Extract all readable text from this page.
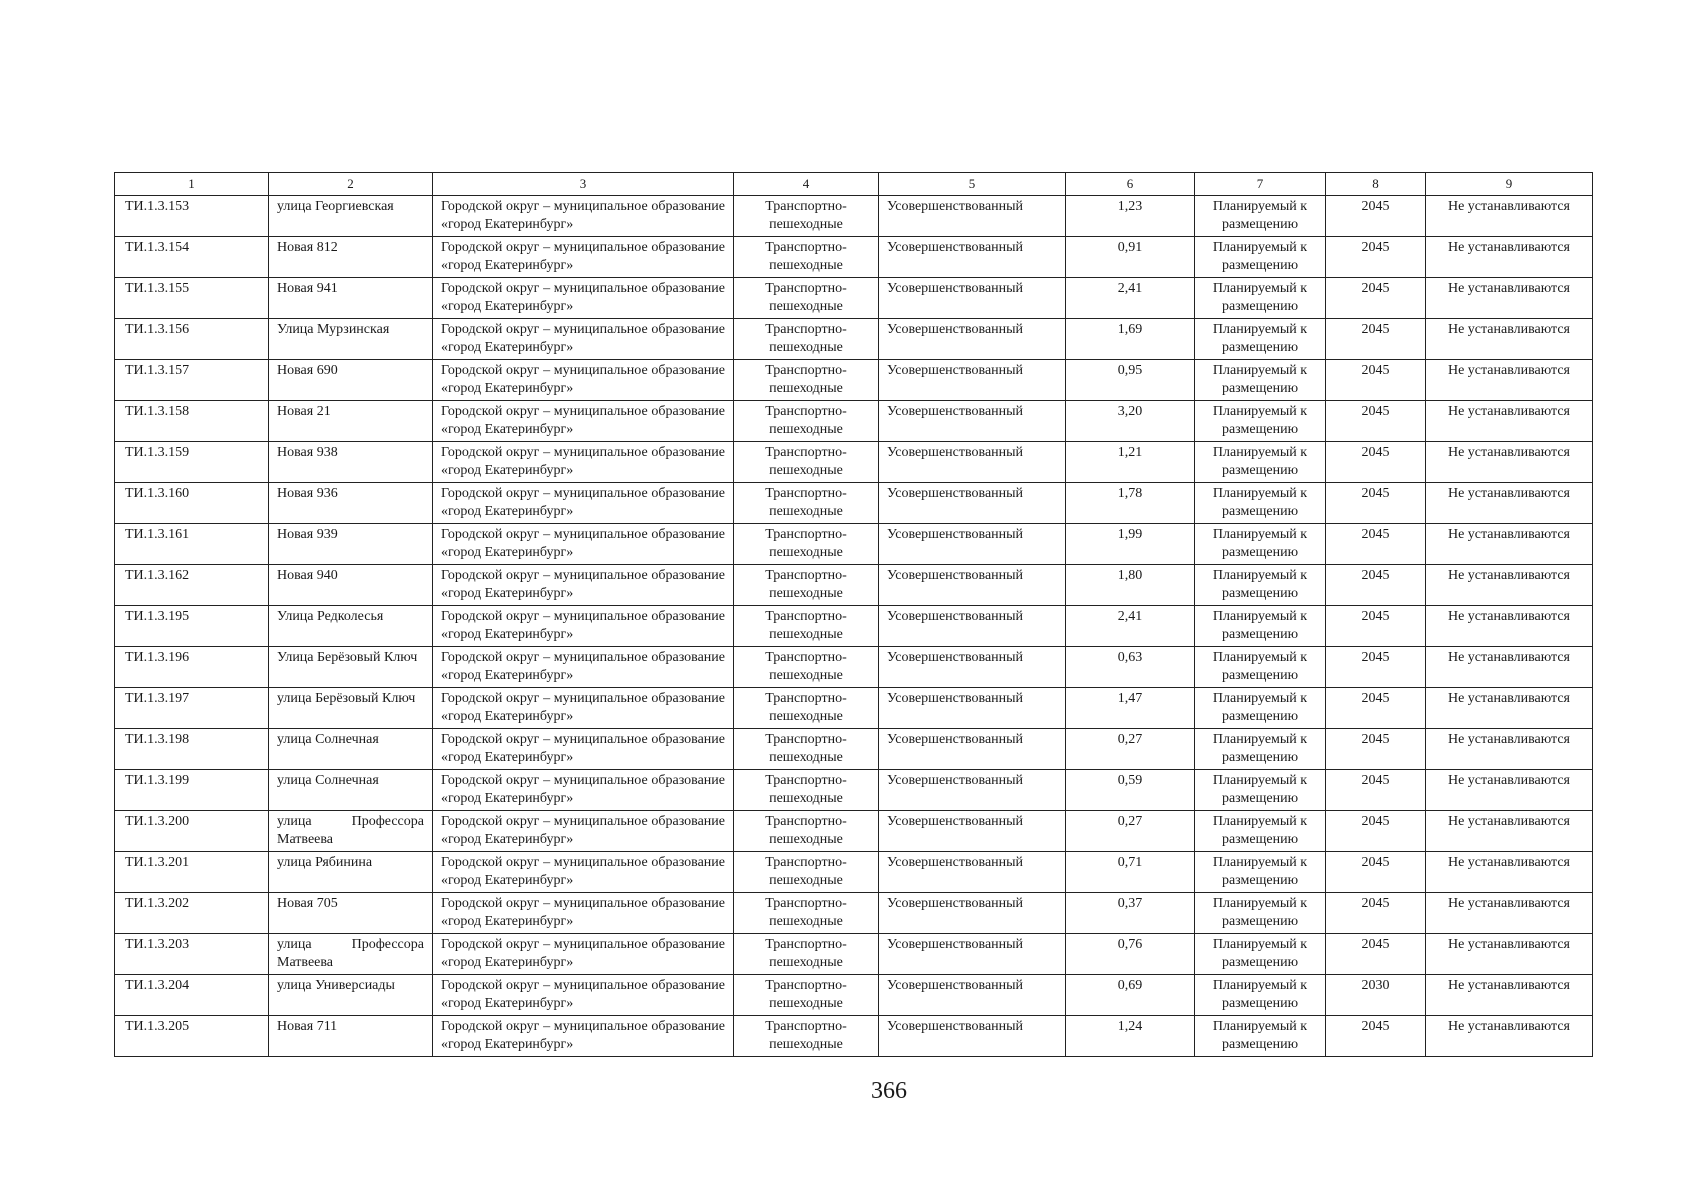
1	2	3	4	5	6	7	8	9
ТИ.1.3.153	улица Георгиевская	Городской округ – муниципальное образование «город Екатеринбург»	Транспортно-пешеходные	Усовершенствованный	1,23	Планируемый к размещению	2045	Не устанавливаются
ТИ.1.3.154	Новая 812	Городской округ – муниципальное образование «город Екатеринбург»	Транспортно-пешеходные	Усовершенствованный	0,91	Планируемый к размещению	2045	Не устанавливаются
ТИ.1.3.155	Новая 941	Городской округ – муниципальное образование «город Екатеринбург»	Транспортно-пешеходные	Усовершенствованный	2,41	Планируемый к размещению	2045	Не устанавливаются
ТИ.1.3.156	Улица Мурзинская	Городской округ – муниципальное образование «город Екатеринбург»	Транспортно-пешеходные	Усовершенствованный	1,69	Планируемый к размещению	2045	Не устанавливаются
ТИ.1.3.157	Новая 690	Городской округ – муниципальное образование «город Екатеринбург»	Транспортно-пешеходные	Усовершенствованный	0,95	Планируемый к размещению	2045	Не устанавливаются
ТИ.1.3.158	Новая 21	Городской округ – муниципальное образование «город Екатеринбург»	Транспортно-пешеходные	Усовершенствованный	3,20	Планируемый к размещению	2045	Не устанавливаются
ТИ.1.3.159	Новая 938	Городской округ – муниципальное образование «город Екатеринбург»	Транспортно-пешеходные	Усовершенствованный	1,21	Планируемый к размещению	2045	Не устанавливаются
ТИ.1.3.160	Новая 936	Городской округ – муниципальное образование «город Екатеринбург»	Транспортно-пешеходные	Усовершенствованный	1,78	Планируемый к размещению	2045	Не устанавливаются
ТИ.1.3.161	Новая 939	Городской округ – муниципальное образование «город Екатеринбург»	Транспортно-пешеходные	Усовершенствованный	1,99	Планируемый к размещению	2045	Не устанавливаются
ТИ.1.3.162	Новая 940	Городской округ – муниципальное образование «город Екатеринбург»	Транспортно-пешеходные	Усовершенствованный	1,80	Планируемый к размещению	2045	Не устанавливаются
ТИ.1.3.195	Улица Редколесья	Городской округ – муниципальное образование «город Екатеринбург»	Транспортно-пешеходные	Усовершенствованный	2,41	Планируемый к размещению	2045	Не устанавливаются
ТИ.1.3.196	Улица Берёзовый Ключ	Городской округ – муниципальное образование «город Екатеринбург»	Транспортно-пешеходные	Усовершенствованный	0,63	Планируемый к размещению	2045	Не устанавливаются
ТИ.1.3.197	улица Берёзовый Ключ	Городской округ – муниципальное образование «город Екатеринбург»	Транспортно-пешеходные	Усовершенствованный	1,47	Планируемый к размещению	2045	Не устанавливаются
ТИ.1.3.198	улица Солнечная	Городской округ – муниципальное образование «город Екатеринбург»	Транспортно-пешеходные	Усовершенствованный	0,27	Планируемый к размещению	2045	Не устанавливаются
ТИ.1.3.199	улица Солнечная	Городской округ – муниципальное образование «город Екатеринбург»	Транспортно-пешеходные	Усовершенствованный	0,59	Планируемый к размещению	2045	Не устанавливаются
ТИ.1.3.200	улица Профессора Матвеева	Городской округ – муниципальное образование «город Екатеринбург»	Транспортно-пешеходные	Усовершенствованный	0,27	Планируемый к размещению	2045	Не устанавливаются
ТИ.1.3.201	улица Рябинина	Городской округ – муниципальное образование «город Екатеринбург»	Транспортно-пешеходные	Усовершенствованный	0,71	Планируемый к размещению	2045	Не устанавливаются
ТИ.1.3.202	Новая 705	Городской округ – муниципальное образование «город Екатеринбург»	Транспортно-пешеходные	Усовершенствованный	0,37	Планируемый к размещению	2045	Не устанавливаются
ТИ.1.3.203	улица Профессора Матвеева	Городской округ – муниципальное образование «город Екатеринбург»	Транспортно-пешеходные	Усовершенствованный	0,76	Планируемый к размещению	2045	Не устанавливаются
ТИ.1.3.204	улица Универсиады	Городской округ – муниципальное образование «город Екатеринбург»	Транспортно-пешеходные	Усовершенствованный	0,69	Планируемый к размещению	2030	Не устанавливаются
ТИ.1.3.205	Новая 711	Городской округ – муниципальное образование «город Екатеринбург»	Транспортно-пешеходные	Усовершенствованный	1,24	Планируемый к размещению	2045	Не устанавливаются
366
